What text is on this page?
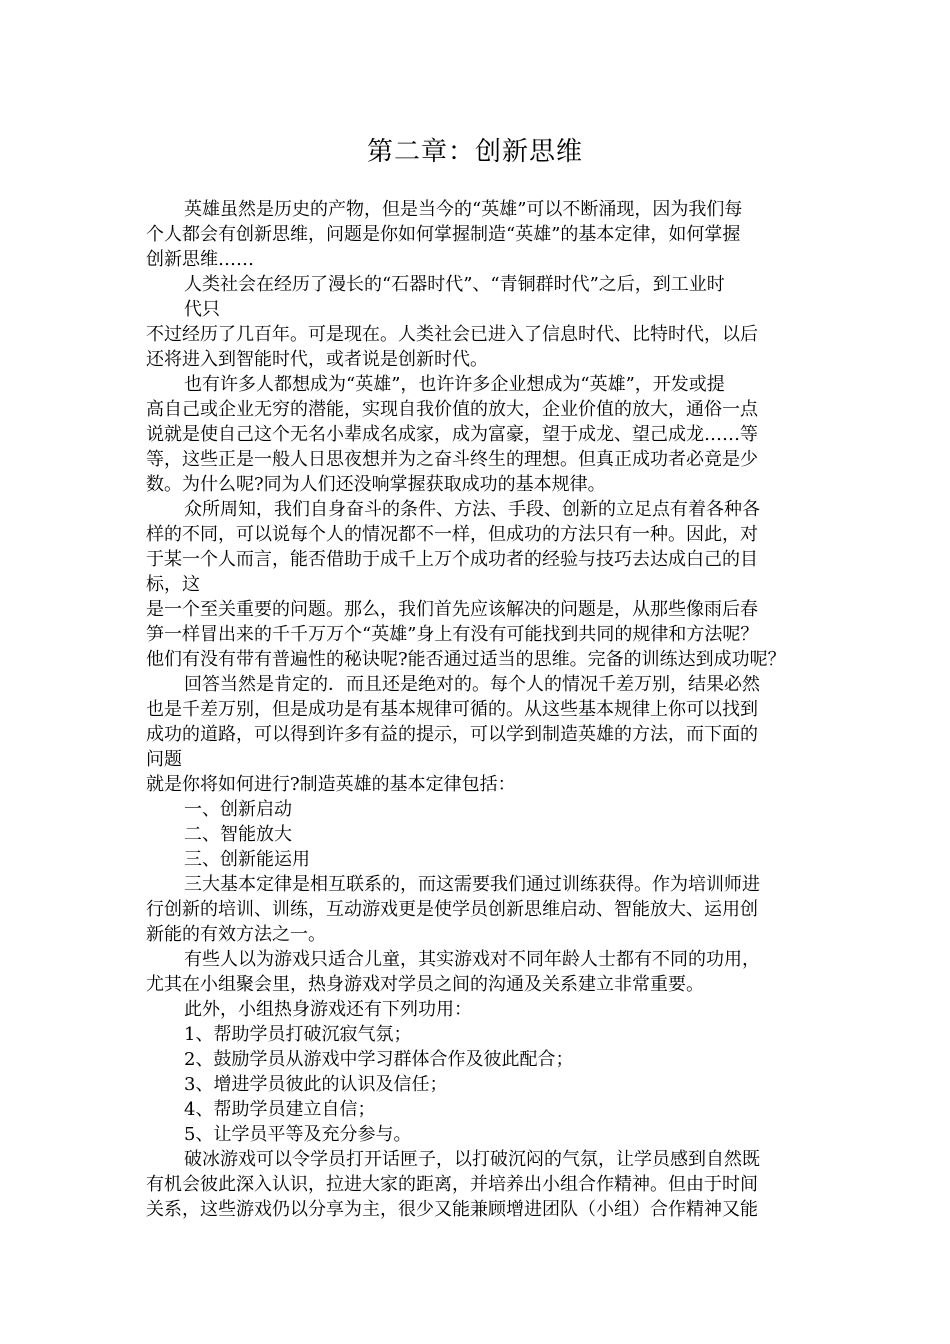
第二章：创新思维
英雄虽然是历史的产物，但是当今的“英雄”可以不断涌现，因为我们每
个人都会有创新思维，问题是你如何掌握制造“英雄”的基本定律，如何掌握
创新思维……
人类社会在经历了漫长的“石器时代”、“青铜群时代”之后，到工业时
代只
不过经历了几百年。可是现在。人类社会已进入了信息时代、比特时代，以后
还将进入到智能时代，或者说是创新时代。
也有许多人都想成为“英雄”，也许许多企业想成为“英雄”，开发或提
高自己或企业无穷的潜能，实现自我价值的放大，企业价值的放大，通俗一点
说就是使自己这个无名小辈成名成家，成为富豪，望于成龙、望己成龙……等
等，这些正是一般人日思夜想并为之奋斗终生的理想。但真正成功者必竟是少
数。为什么呢?同为人们还没响掌握获取成功的基本规律。
众所周知，我们自身奋斗的条件、方法、手段、创新的立足点有着各种各
样的不同，可以说每个人的情况都不一样，但成功的方法只有一种。因此，对
于某一个人而言，能否借助于成千上万个成功者的经验与技巧去达成白己的目
标，这
是一个至关重要的问题。那么，我们首先应该解决的问题是，从那些像雨后春
笋一样冒出来的千千万万个“英雄”身上有没有可能找到共同的规律和方法呢？
他们有没有带有普遍性的秘诀呢?能否通过适当的思维。完备的训练达到成功呢？
回答当然是肯定的．而且还是绝对的。每个人的情况千差万别，结果必然
也是千差万别，但是成功是有基本规律可循的。从这些基本规律上你可以找到
成功的道路，可以得到许多有益的提示，可以学到制造英雄的方法，而下面的
问题
就是你将如何进行?制造英雄的基本定律包括：
一、创新启动
二、智能放大
三、创新能运用
三大基本定律是相互联系的，而这需要我们通过训练获得。作为培训师进
行创新的培训、训练，互动游戏更是使学员创新思维启动、智能放大、运用创
新能的有效方法之一。
有些人以为游戏只适合儿童，其实游戏对不同年龄人士都有不同的功用，
尤其在小组聚会里，热身游戏对学员之间的沟通及关系建立非常重要。
此外，小组热身游戏还有下列功用：
1、帮助学员打破沉寂气氛；
2、鼓励学员从游戏中学习群体合作及彼此配合；
3、增进学员彼此的认识及信任；
4、帮助学员建立自信；
5、让学员平等及充分参与。
破冰游戏可以令学员打开话匣子，以打破沉闷的气氛，让学员感到自然既
有机会彼此深入认识，拉进大家的距离，并培养出小组合作精神。但由于时间
关系，这些游戏仍以分享为主，很少又能兼顾增进团队（小组）合作精神又能
